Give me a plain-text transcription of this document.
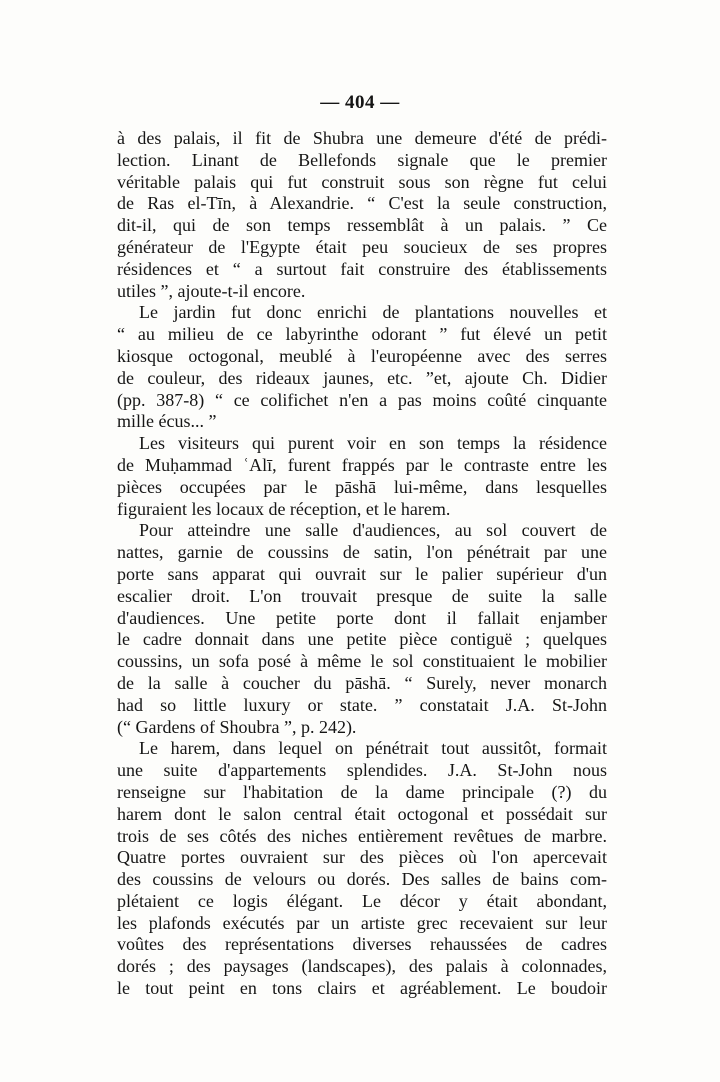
— 404 —
à des palais, il fit de Shubra une demeure d'été de prédi-
lection. Linant de Bellefonds signale que le premier
véritable palais qui fut construit sous son règne fut celui
de Ras el-Tīn, à Alexandrie. “ C'est la seule construction,
dit-il, qui de son temps ressemblât à un palais. ” Ce
générateur de l'Egypte était peu soucieux de ses propres
résidences et “ a surtout fait construire des établissements
utiles ”, ajoute-t-il encore.
Le jardin fut donc enrichi de plantations nouvelles et
“ au milieu de ce labyrinthe odorant ” fut élevé un petit
kiosque octogonal, meublé à l'européenne avec des serres
de couleur, des rideaux jaunes, etc. ”et, ajoute Ch. Didier
(pp. 387-8) “ ce colifichet n'en a pas moins coûté cinquante
mille écus... ”
Les visiteurs qui purent voir en son temps la résidence
de Muḥammad ʿAlī, furent frappés par le contraste entre les
pièces occupées par le pāshā lui-même, dans lesquelles
figuraient les locaux de réception, et le harem.
Pour atteindre une salle d'audiences, au sol couvert de
nattes, garnie de coussins de satin, l'on pénétrait par une
porte sans apparat qui ouvrait sur le palier supérieur d'un
escalier droit. L'on trouvait presque de suite la salle
d'audiences. Une petite porte dont il fallait enjamber
le cadre donnait dans une petite pièce contiguë ; quelques
coussins, un sofa posé à même le sol constituaient le mobilier
de la salle à coucher du pāshā. “ Surely, never monarch
had so little luxury or state. ” constatait J.A. St-John
(“ Gardens of Shoubra ”, p. 242).
Le harem, dans lequel on pénétrait tout aussitôt, formait
une suite d'appartements splendides. J.A. St-John nous
renseigne sur l'habitation de la dame principale (?) du
harem dont le salon central était octogonal et possédait sur
trois de ses côtés des niches entièrement revêtues de marbre.
Quatre portes ouvraient sur des pièces où l'on apercevait
des coussins de velours ou dorés. Des salles de bains com-
plétaient ce logis élégant. Le décor y était abondant,
les plafonds exécutés par un artiste grec recevaient sur leur
voûtes des représentations diverses rehaussées de cadres
dorés ; des paysages (landscapes), des palais à colonnades,
le tout peint en tons clairs et agréablement. Le boudoir
